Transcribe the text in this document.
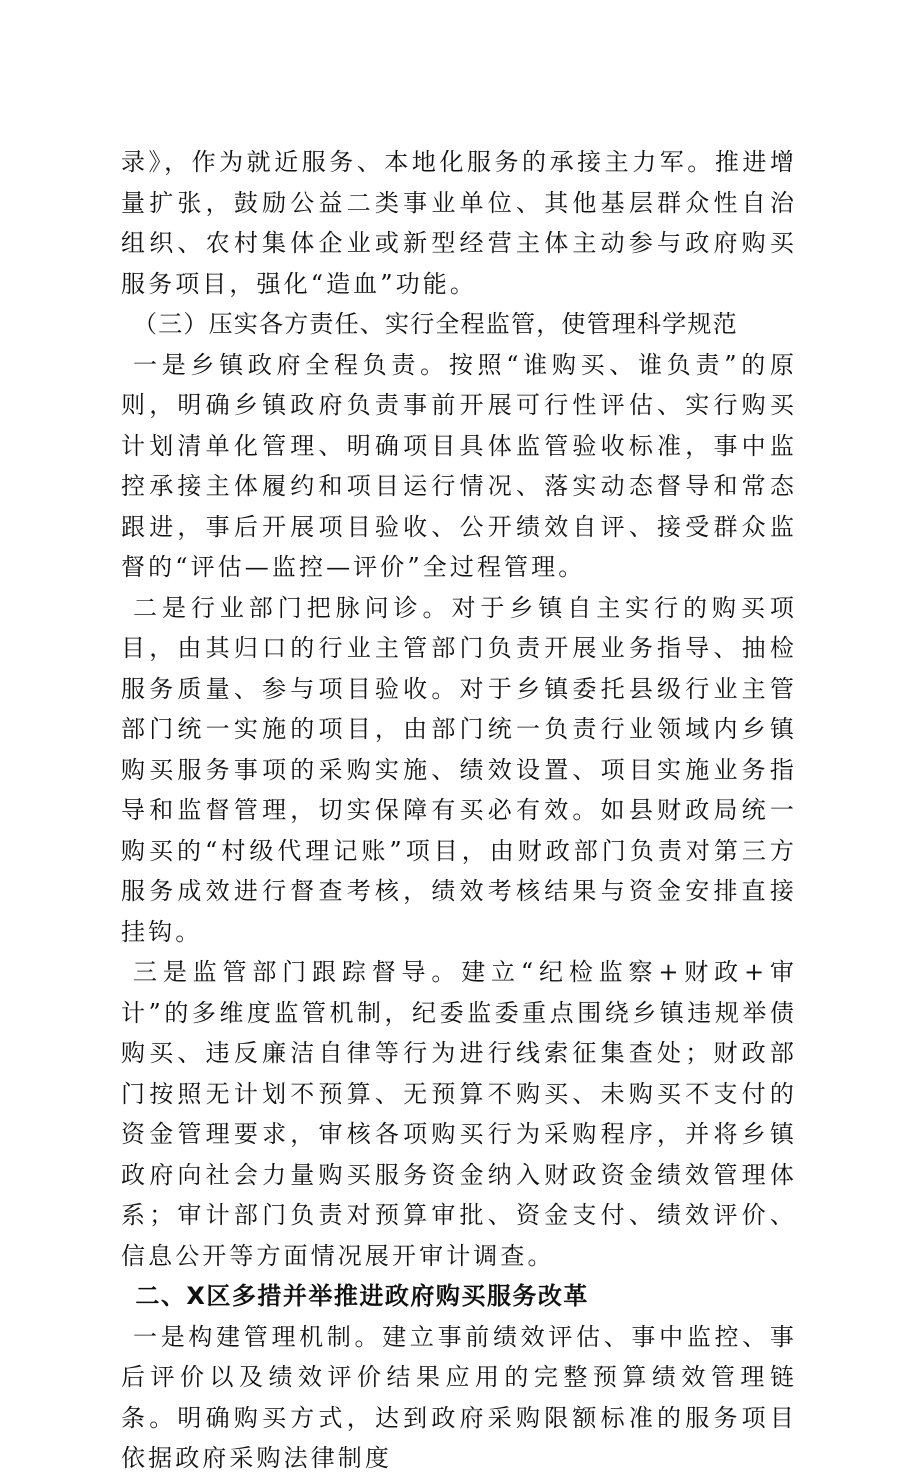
录》，作为就近服务、本地化服务的承接主力军。推进增量扩张，鼓励公益二类事业单位、其他基层群众性自治组织、农村集体企业或新型经营主体主动参与政府购买服务项目，强化“造血”功能。

（三）压实各方责任、实行全程监管，使管理科学规范

一是乡镇政府全程负责。按照“谁购买、谁负责”的原则，明确乡镇政府负责事前开展可行性评估、实行购买计划清单化管理、明确项目具体监管验收标准，事中监控承接主体履约和项目运行情况、落实动态督导和常态跟进，事后开展项目验收、公开绩效自评、接受群众监督的“评估—监控—评价”全过程管理。

二是行业部门把脉问诊。对于乡镇自主实行的购买项目，由其归口的行业主管部门负责开展业务指导、抽检服务质量、参与项目验收。对于乡镇委托县级行业主管部门统一实施的项目，由部门统一负责行业领域内乡镇购买服务事项的采购实施、绩效设置、项目实施业务指导和监督管理，切实保障有买必有效。如县财政局统一购买的“村级代理记账”项目，由财政部门负责对第三方服务成效进行督查考核，绩效考核结果与资金安排直接挂钩。

三是监管部门跟踪督导。建立“纪检监察+财政+审计”的多维度监管机制，纪委监委重点围绕乡镇违规举债购买、违反廉洁自律等行为进行线索征集查处；财政部门按照无计划不预算、无预算不购买、未购买不支付的资金管理要求，审核各项购买行为采购程序，并将乡镇政府向社会力量购买服务资金纳入财政资金绩效管理体系；审计部门负责对预算审批、资金支付、绩效评价、信息公开等方面情况展开审计调查。

二、X区多措并举推进政府购买服务改革

一是构建管理机制。建立事前绩效评估、事中监控、事后评价以及绩效评价结果应用的完整预算绩效管理链条。明确购买方式，达到政府采购限额标准的服务项目依据政府采购法律制度
